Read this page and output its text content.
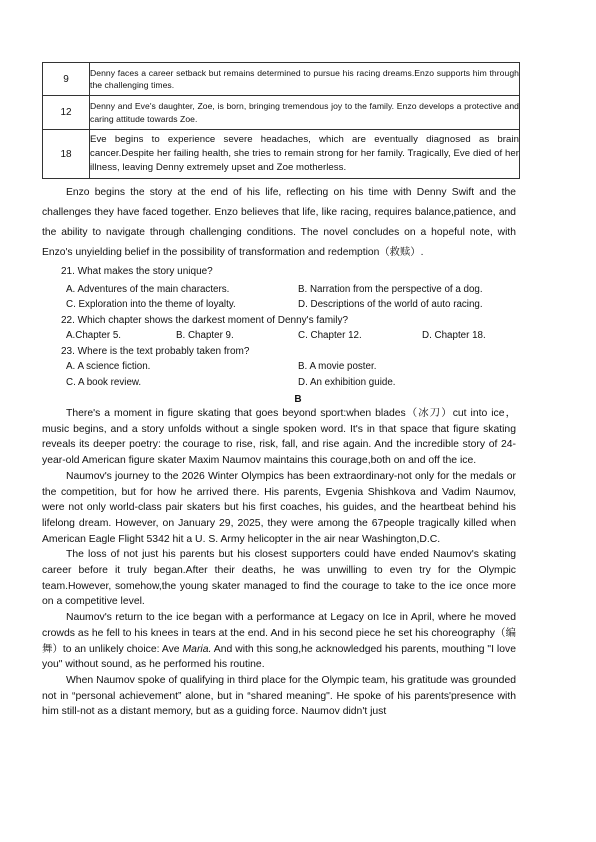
9	Denny faces a career setback but remains determined to pursue his racing dreams.Enzo supports him through the challenging times.
12	Denny and Eve's daughter, Zoe, is born, bringing tremendous joy to the family. Enzo develops a protective and caring attitude towards Zoe.
18	Eve begins to experience severe headaches, which are eventually diagnosed as brain cancer.Despite her failing health, she tries to remain strong for her family. Tragically, Eve died of her illness, leaving Denny extremely upset and Zoe motherless.
Enzo begins the story at the end of his life, reflecting on his time with Denny Swift and the challenges they have faced together. Enzo believes that life, like racing, requires balance,patience, and the ability to navigate through challenging conditions. The novel concludes on a hopeful note, with Enzo's unyielding belief in the possibility of transformation and redemption（救赎）.
21. What makes the story unique?
A. Adventures of the main characters.	B. Narration from the perspective of a dog.
C. Exploration into the theme of loyalty.	D. Descriptions of the world of auto racing.
22. Which chapter shows the darkest moment of Denny's family?
A.Chapter 5.	B. Chapter 9.	C. Chapter 12.	D. Chapter 18.
23. Where is the text probably taken from?
A. A science fiction.	B. A movie poster.
C. A book review.	D. An exhibition guide.
B

There's a moment in figure skating that goes beyond sport:when blades（冰刀）cut into ice，music begins, and a story unfolds without a single spoken word. It's in that space that figure skating reveals its deeper poetry: the courage to rise, risk, fall, and rise again. And the incredible story of 24-year-old American figure skater Maxim Naumov maintains this courage,both on and off the ice.

Naumov's journey to the 2026 Winter Olympics has been extraordinary-not only for the medals or the competition, but for how he arrived there. His parents, Evgenia Shishkova and Vadim Naumov, were not only world-class pair skaters but his first coaches, his guides, and the heartbeat behind his lifelong dream. However, on January 29, 2025, they were among the 67people tragically killed when American Eagle Flight 5342 hit a U. S. Army helicopter in the air near Washington,D.C.

The loss of not just his parents but his closest supporters could have ended Naumov's skating career before it truly began.After their deaths, he was unwilling to even try for the Olympic team.However, somehow,the young skater managed to find the courage to take to the ice once more on a competitive level.

Naumov's return to the ice began with a performance at Legacy on Ice in April, where he moved crowds as he fell to his knees in tears at the end. And in his second piece he set his choreography（编舞）to an unlikely choice: Ave Maria. And with this song,he acknowledged his parents, mouthing "I love you" without sound, as he performed his routine.

When Naumov spoke of qualifying in third place for the Olympic team, his gratitude was grounded not in “personal achievement” alone, but in “shared meaning". He spoke of his parents'presence with him still-not as a distant memory, but as a guiding force. Naumov didn't just
